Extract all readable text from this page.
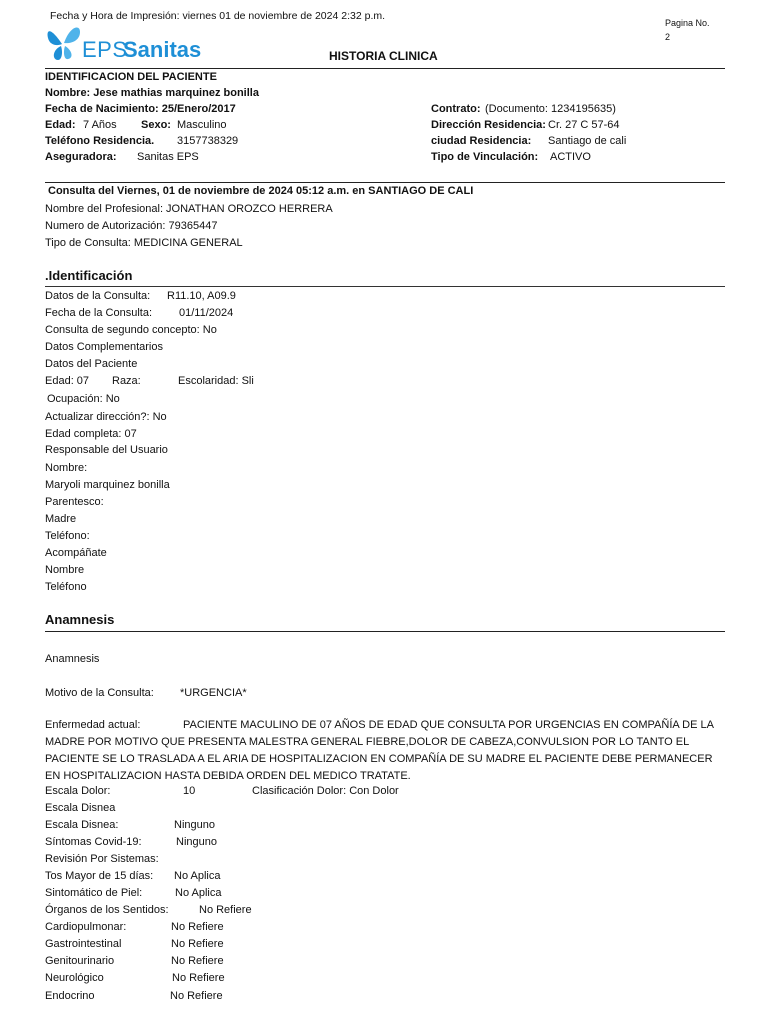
Fecha y Hora de Impresión: viernes 01 de noviembre de 2024 2:32 p.m.
Pagina No.
2
EPS
Sanitas	HISTORIA CLINICA
IDENTIFICACION DEL PACIENTE
Nombre: Jese mathias marquinez bonilla
Fecha de Nacimiento: 25/Enero/2017
Edad: 7 Años Sexo: Masculino
Teléfono Residencia. 3157738329
Aseguradora: Sanitas EPS
Contrato: (Documento: 1234195635)
Dirección Residencia: Cr. 27 C 57-64
ciudad Residencia: Santiago de cali
Tipo de Vinculación: ACTIVO
Consulta del Viernes, 01 de noviembre de 2024 05:12 a.m. en SANTIAGO DE CALI
Nombre del Profesional: JONATHAN OROZCO HERRERA
Numero de Autorización: 79365447
Tipo de Consulta: MEDICINA GENERAL
.Identificación
Datos de la Consulta: R11.10, A09.9
Fecha de la Consulta: 01/11/2024
Consulta de segundo concepto: No
Datos Complementarios
Datos del Paciente
Edad: 07 Raza:	Escolaridad: Sli
Ocupación: No
Actualizar dirección?: No
Edad completa: 07
Responsable del Usuario
Nombre:
Maryoli marquinez bonilla
Parentesco:
Madre
Teléfono:
Acompáñate
Nombre
Teléfono
Anamnesis
Anamnesis
Motivo de la Consulta: *URGENCIA*
Enfermedad actual:	PACIENTE MACULINO DE 07 AÑOS DE EDAD QUE CONSULTA POR URGENCIAS EN COMPAÑÍA DE LA MADRE POR MOTIVO QUE PRESENTA MALESTRA GENERAL FIEBRE,DOLOR DE CABEZA,CONVULSION POR LO TANTO EL PACIENTE SE LO TRASLADA A EL ARIA DE HOSPITALIZACION EN COMPAÑÍA DE SU MADRE EL PACIENTE DEBE PERMANECER EN HOSPITALIZACION HASTA DEBIDA ORDEN DEL MEDICO TRATATE.
Escala Dolor:	10	Clasificación Dolor: Con Dolor
Escala Disnea
Escala Disnea:	Ninguno
Síntomas Covid-19:	Ninguno
Revisión Por Sistemas:
Tos Mayor de 15 días: No Aplica
Sintomático de Piel:	No Aplica
Órganos de los Sentidos:	No Refiere
Cardiopulmonar:	No Refiere
Gastrointestinal	No Refiere
Genitourinario	No Refiere
Neurológico	No Refiere
Endocrino	No Refiere
